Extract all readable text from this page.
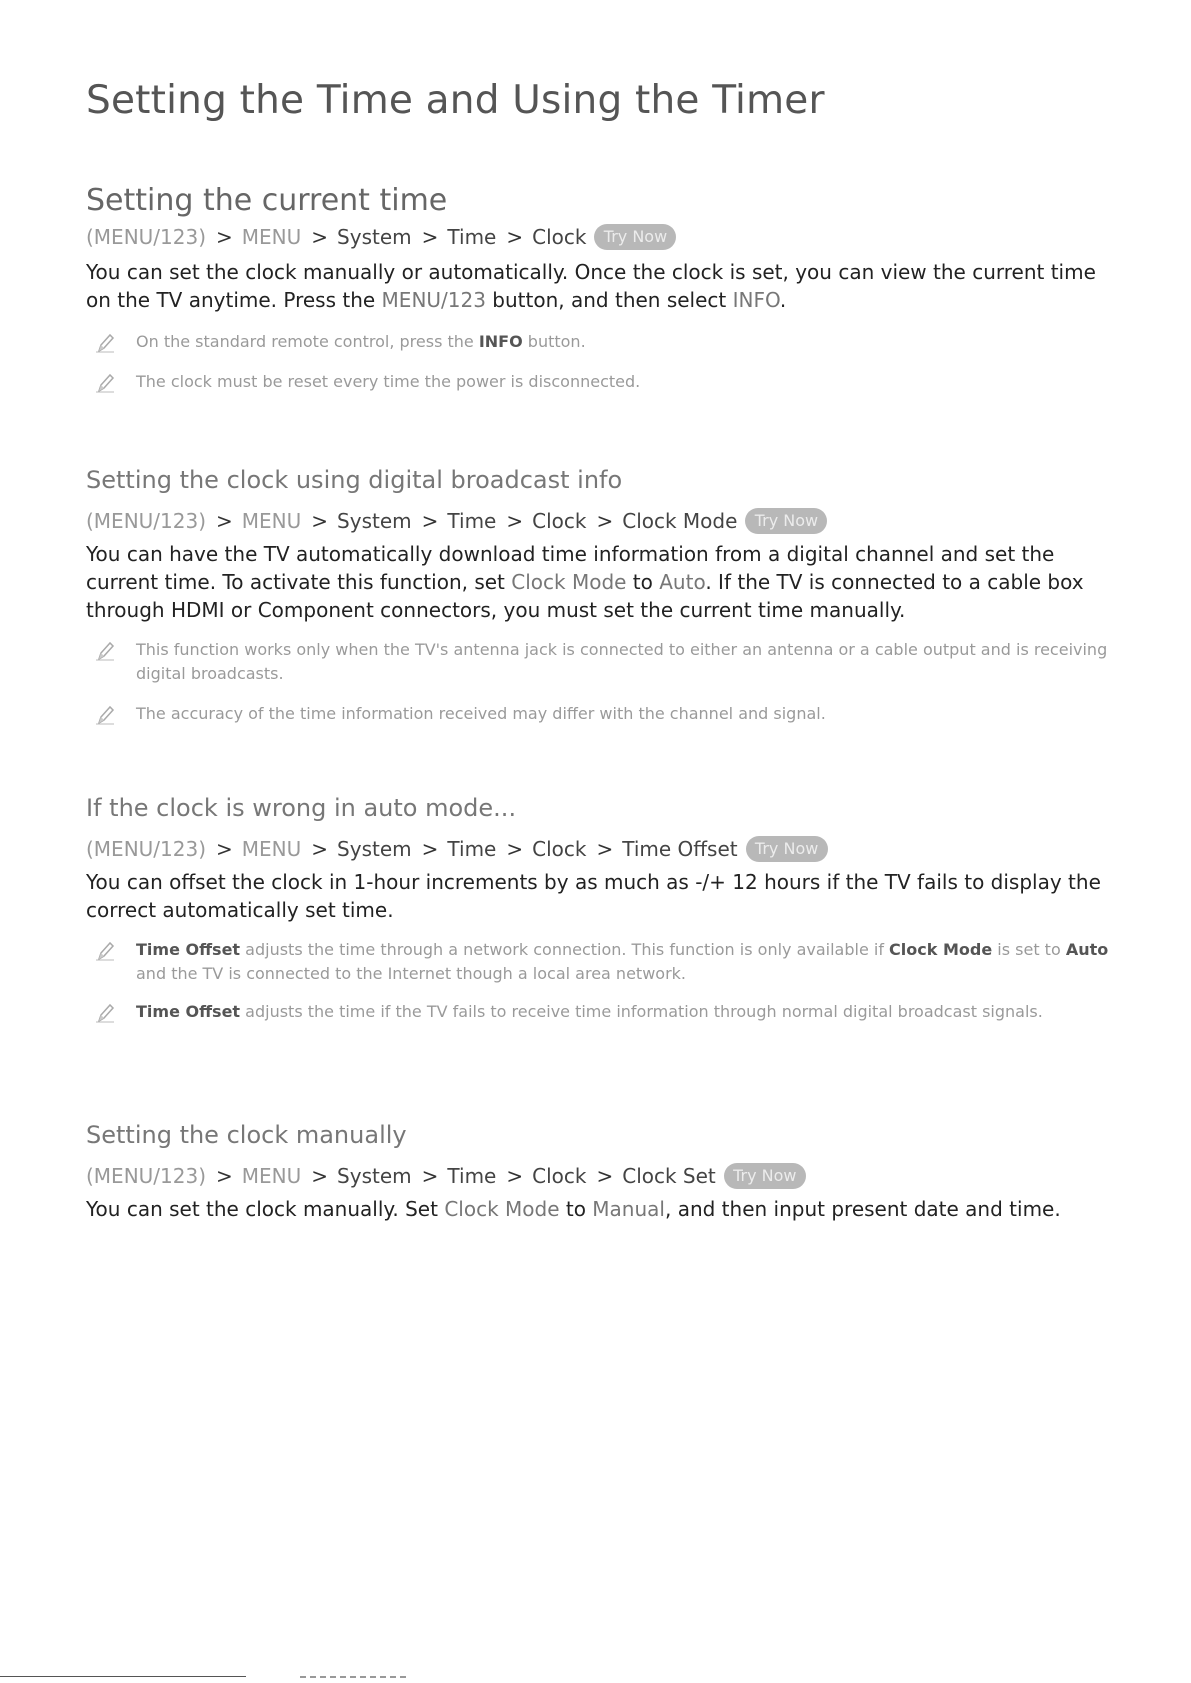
Setting the Time and Using the Timer
Setting the current time
(MENU/123) > MENU > System > Time > Clock	Try Now

You can set the clock manually or automatically. Once the clock is set, you can view the current time on the TV anytime. Press the MENU/123 button, and then select INFO.

On the standard remote control, press the INFO button.

The clock must be reset every time the power is disconnected.

Setting the clock using digital broadcast info
(MENU/123) > MENU > System > Time > Clock > Clock Mode	Try Now

You can have the TV automatically download time information from a digital channel and set the current time. To activate this function, set Clock Mode to Auto. If the TV is connected to a cable box through HDMI or Component connectors, you must set the current time manually.

This function works only when the TV's antenna jack is connected to either an antenna or a cable output and is receiving digital broadcasts.

The accuracy of the time information received may differ with the channel and signal.

If the clock is wrong in auto mode...
(MENU/123) > MENU > System > Time > Clock > Time Offset	Try Now

You can offset the clock in 1-hour increments by as much as -/+ 12 hours if the TV fails to display the correct automatically set time.

Time Offset adjusts the time through a network connection. This function is only available if Clock Mode is set to Auto and the TV is connected to the Internet though a local area network.

Time Offset adjusts the time if the TV fails to receive time information through normal digital broadcast signals.

Setting the clock manually
(MENU/123) > MENU > System > Time > Clock > Clock Set	Try Now

You can set the clock manually. Set Clock Mode to Manual, and then input present date and time.
